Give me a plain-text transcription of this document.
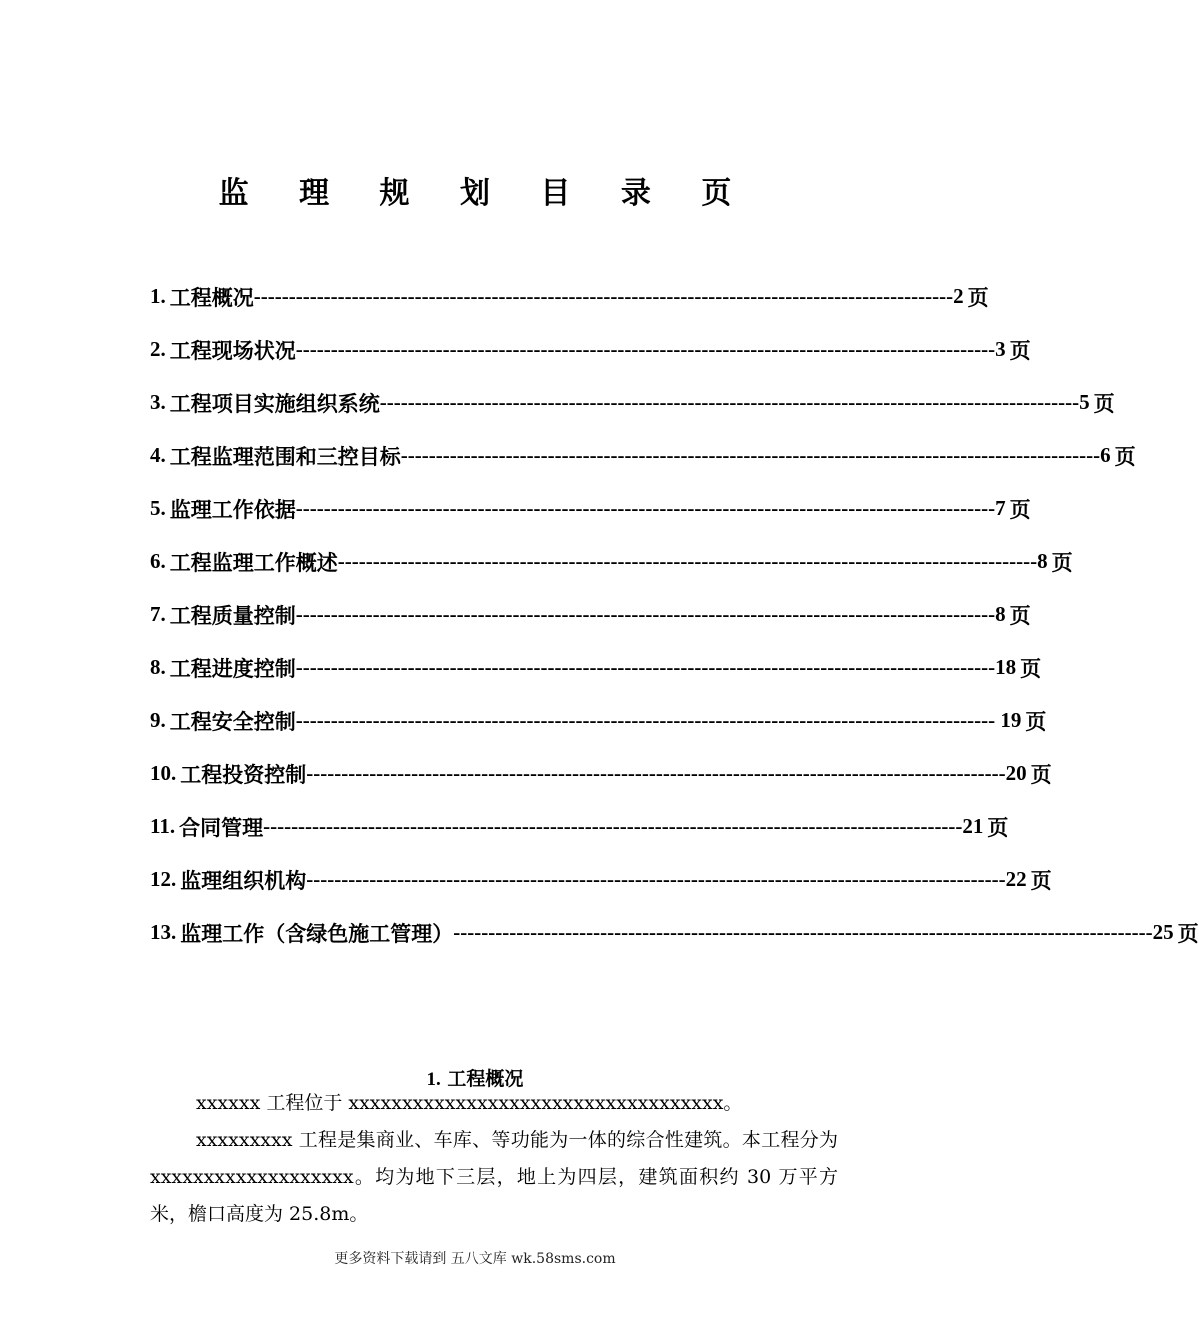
监 理 规 划 目 录 页
1. 工程概况 ---------------------------------------------------------------------------------------------------- 2 页
2. 工程现场状况 ---------------------------------------------------------------------------------------------------- 3 页
3. 工程项目实施组织系统 ---------------------------------------------------------------------------------------------------- 5 页
4. 工程监理范围和三控目标 ---------------------------------------------------------------------------------------------------- 6 页
5. 监理工作依据 ---------------------------------------------------------------------------------------------------- 7 页
6. 工程监理工作概述 ---------------------------------------------------------------------------------------------------- 8 页
7. 工程质量控制 ---------------------------------------------------------------------------------------------------- 8 页
8. 工程进度控制 ---------------------------------------------------------------------------------------------------- 18 页
9. 工程安全控制 ---------------------------------------------------------------------------------------------------- 19 页
10. 工程投资控制 ---------------------------------------------------------------------------------------------------- 20 页
11. 合同管理 ---------------------------------------------------------------------------------------------------- 21 页
12. 监理组织机构 ---------------------------------------------------------------------------------------------------- 22 页
13. 监理工作（含绿色施工管理） ---------------------------------------------------------------------------------------------------- 25 页
1. 工程概况
xxxxxx 工程位于 xxxxxxxxxxxxxxxxxxxxxxxxxxxxxxxxxxx。
xxxxxxxxx 工程是集商业、车库、等功能为一体的综合性建筑。本工程分为 xxxxxxxxxxxxxxxxxxx。均为地下三层，地上为四层，建筑面积约 30 万平方米，檐口高度为 25.8m。
更多资料下载请到 五八文库 wk.58sms.com
